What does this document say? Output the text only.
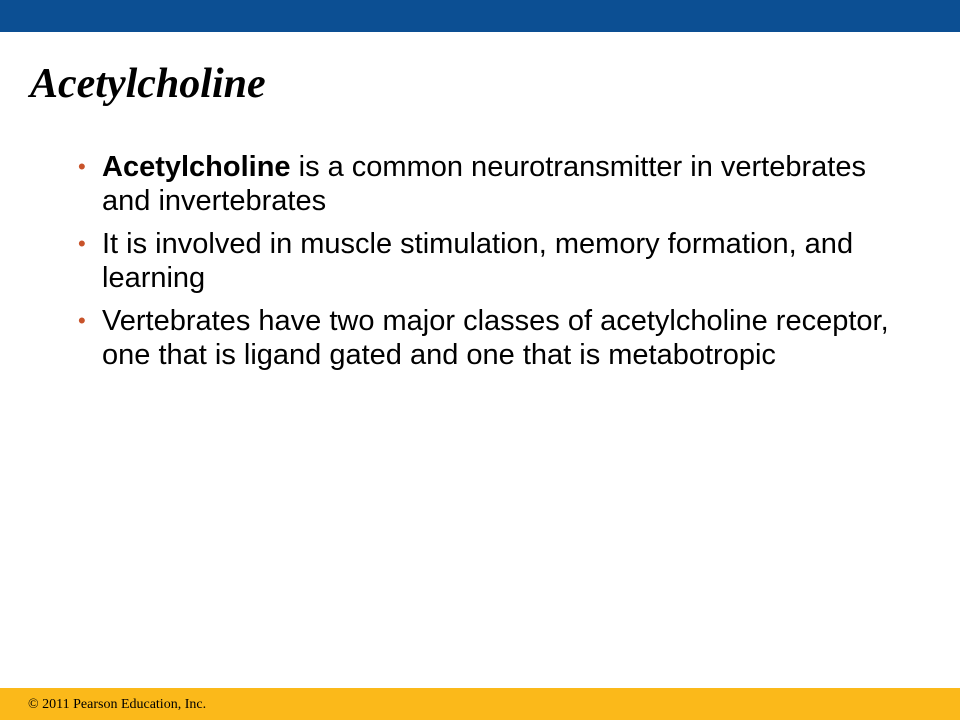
Acetylcholine
• Acetylcholine is a common neurotransmitter in vertebrates and invertebrates
• It is involved in muscle stimulation, memory formation, and learning
• Vertebrates have two major classes of acetylcholine receptor, one that is ligand gated and one that is metabotropic
© 2011 Pearson Education, Inc.
